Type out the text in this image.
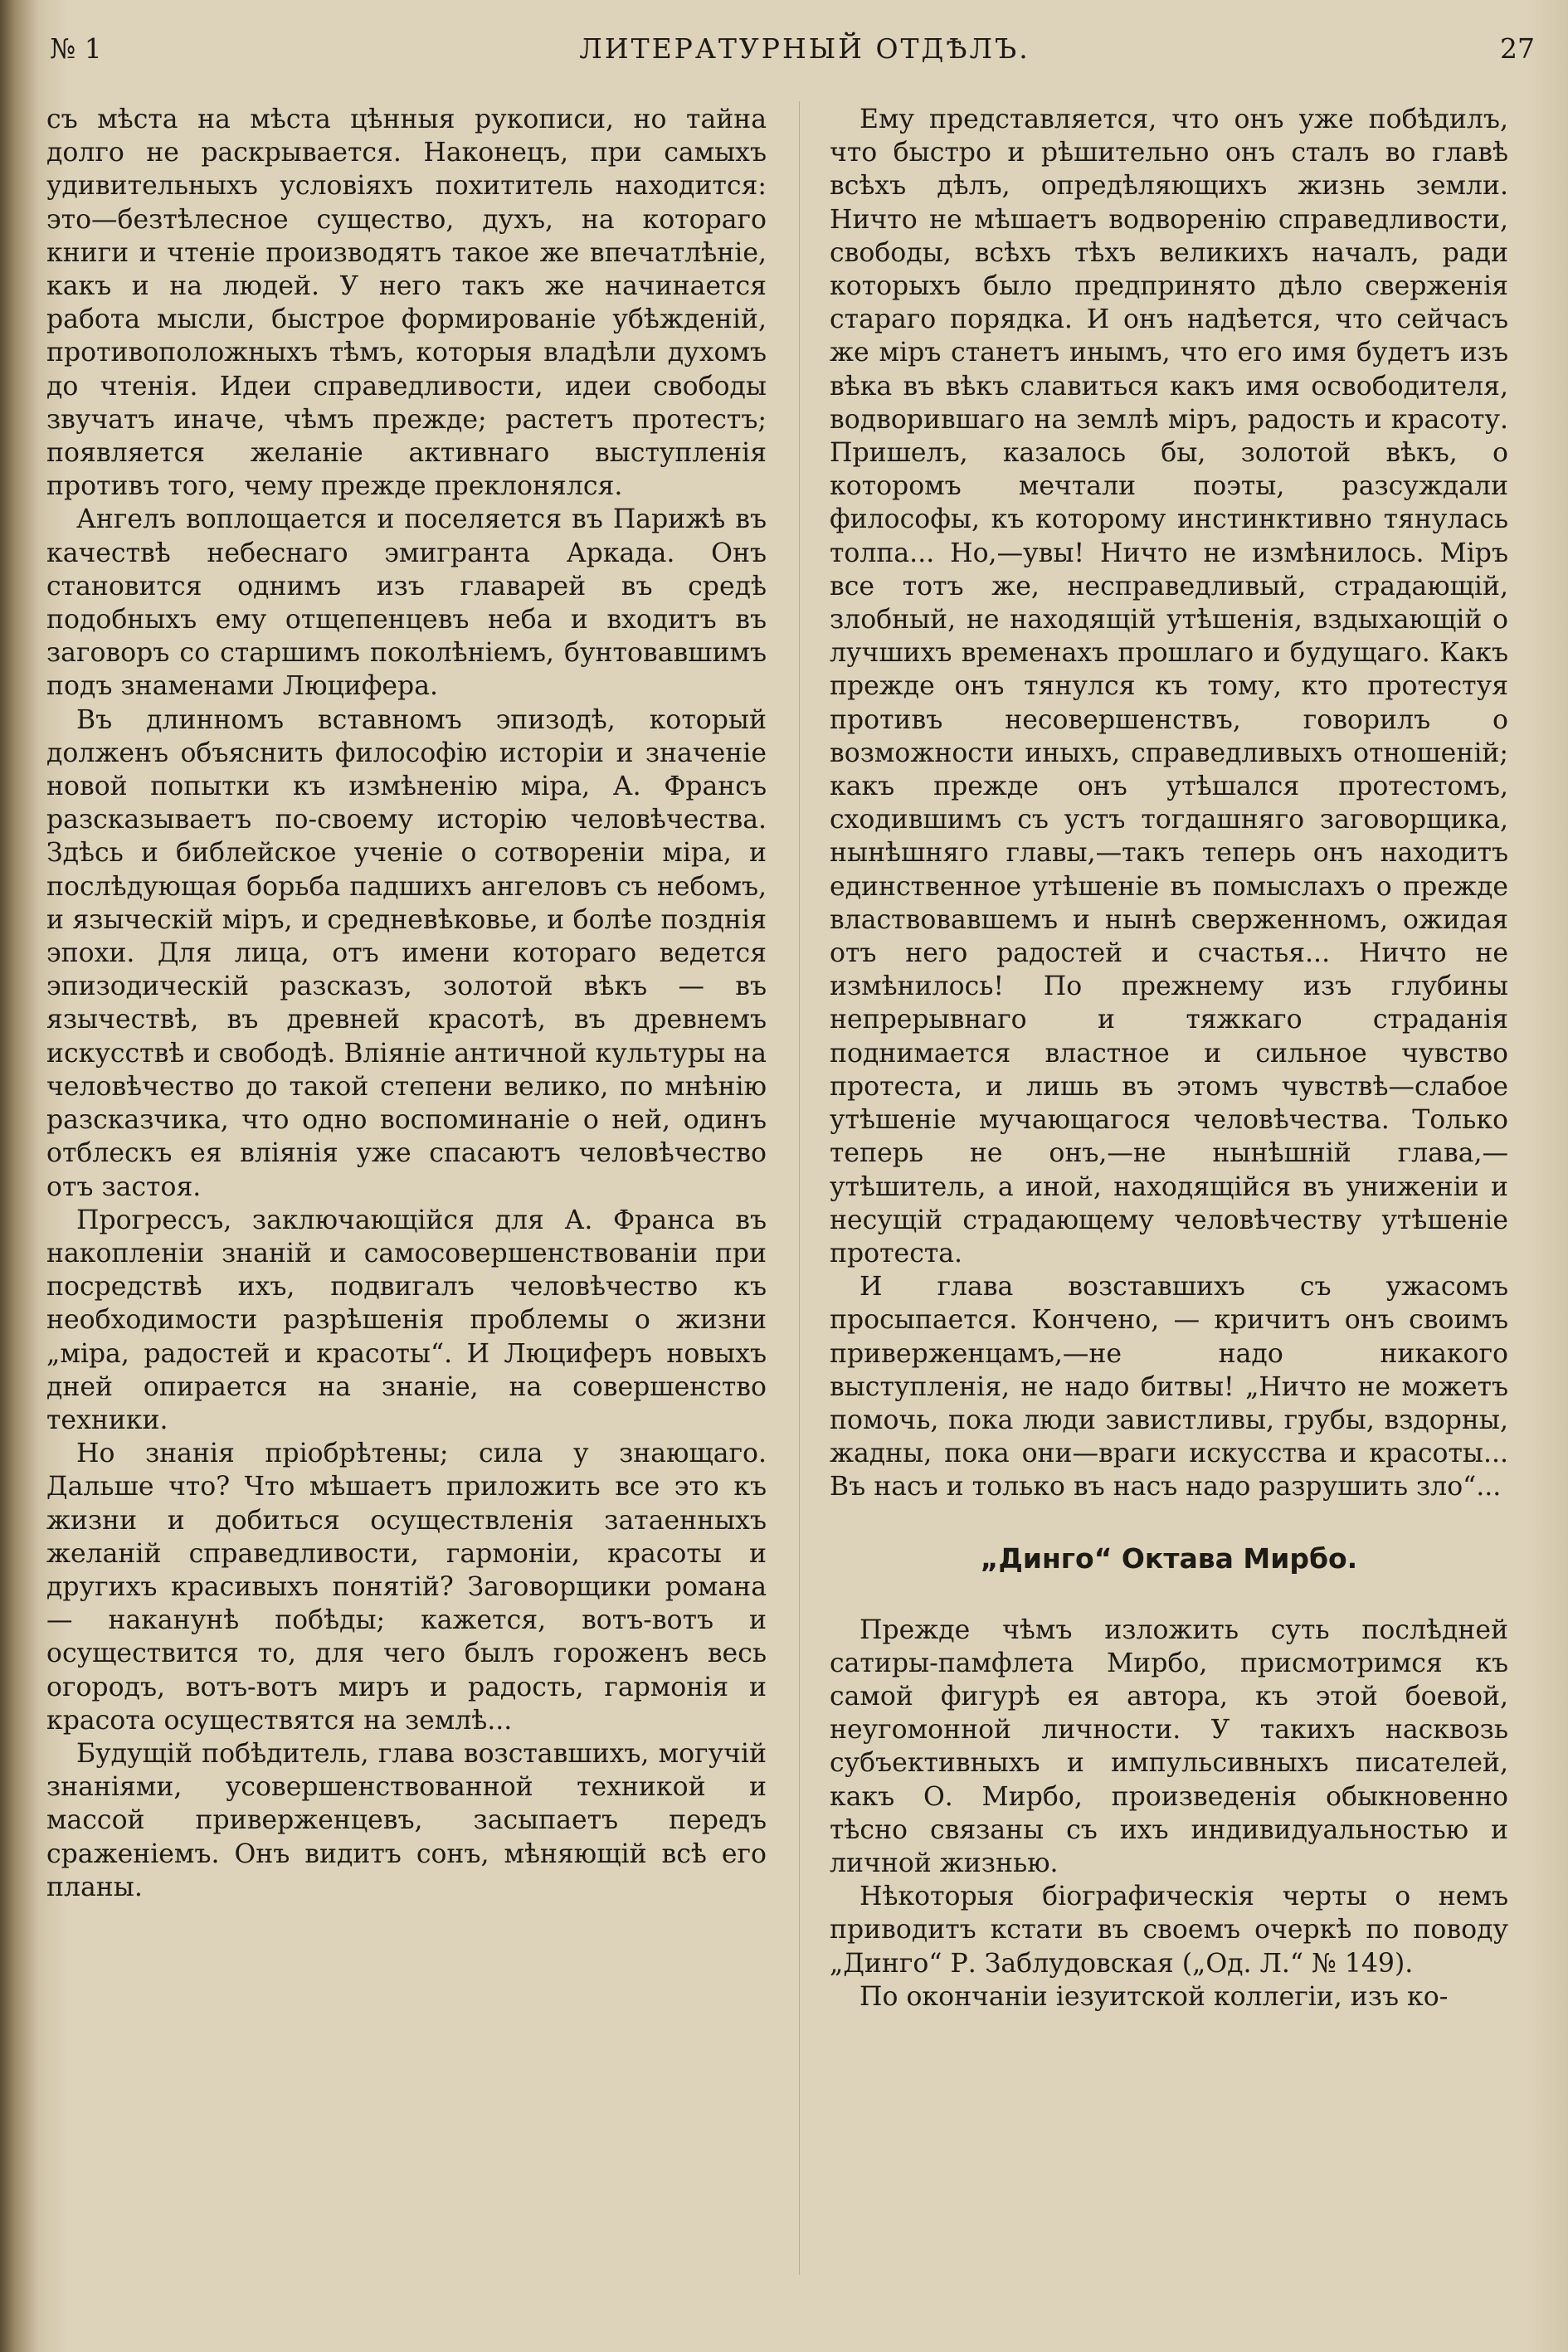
№ 1	ЛИТЕРАТУРНЫЙ ОТДѢЛЪ.	27

съ мѣста на мѣста цѣнныя рукописи, но тайна долго не раскрывается. Наконецъ, при самыхъ удивительныхъ условіяхъ похититель находится: это—безтѣлесное существо, духъ, на котораго книги и чтеніе производятъ такое же впечатлѣніе, какъ и на людей. У него такъ же начинается работа мысли, быстрое формированіе убѣжденій, противоположныхъ тѣмъ, которыя владѣли духомъ до чтенія. Идеи справедливости, идеи свободы звучатъ иначе, чѣмъ прежде; растетъ протестъ; появляется желаніе активнаго выступленія противъ того, чему прежде преклонялся.

Ангелъ воплощается и поселяется въ Парижѣ въ качествѣ небеснаго эмигранта Аркада. Онъ становится однимъ изъ главарей въ средѣ подобныхъ ему отщепенцевъ неба и входитъ въ заговоръ со старшимъ поколѣніемъ, бунтовавшимъ подъ знаменами Люцифера.

Въ длинномъ вставномъ эпизодѣ, который долженъ объяснить философію исторіи и значеніе новой попытки къ измѣненію міра, А. Франсъ разсказываетъ по-своему исторію человѣчества. Здѣсь и библейское ученіе о сотвореніи міра, и послѣдующая борьба падшихъ ангеловъ съ небомъ, и языческій міръ, и средневѣковье, и болѣе позднія эпохи. Для лица, отъ имени котораго ведется эпизодическій разсказъ, золотой вѣкъ — въ язычествѣ, въ древней красотѣ, въ древнемъ искусствѣ и свободѣ. Вліяніе античной культуры на человѣчество до такой степени велико, по мнѣнію разсказчика, что одно воспоминаніе о ней, одинъ отблескъ ея вліянія уже спасаютъ человѣчество отъ застоя.

Прогрессъ, заключающійся для А. Франса въ накопленіи знаній и самосовершенствованіи при посредствѣ ихъ, подвигалъ человѣчество къ необходимости разрѣшенія проблемы о жизни „міра, радостей и красоты“. И Люциферъ новыхъ дней опирается на знаніе, на совершенство техники.

Но знанія пріобрѣтены; сила у знающаго. Дальше что? Что мѣшаетъ приложить все это къ жизни и добиться осуществленія затаенныхъ желаній справедливости, гармоніи, красоты и другихъ красивыхъ понятій? Заговорщики романа — наканунѣ побѣды; кажется, вотъ-вотъ и осуществится то, для чего былъ гороженъ весь огородъ, вотъ-вотъ миръ и радость, гармонія и красота осуществятся на землѣ...

Будущій побѣдитель, глава возставшихъ, могучій знаніями, усовершенствованной техникой и массой приверженцевъ, засыпаетъ передъ сраженіемъ. Онъ видитъ сонъ, мѣняющій всѣ его планы.

Ему представляется, что онъ уже побѣдилъ, что быстро и рѣшительно онъ сталъ во главѣ всѣхъ дѣлъ, опредѣляющихъ жизнь земли. Ничто не мѣшаетъ водворенію справедливости, свободы, всѣхъ тѣхъ великихъ началъ, ради которыхъ было предпринято дѣло сверженія стараго порядка. И онъ надѣется, что сейчасъ же міръ станетъ инымъ, что его имя будетъ изъ вѣка въ вѣкъ славиться какъ имя освободителя, водворившаго на землѣ міръ, радость и красоту. Пришелъ, казалось бы, золотой вѣкъ, о которомъ мечтали поэты, разсуждали философы, къ которому инстинктивно тянулась толпа... Но,—увы! Ничто не измѣнилось. Міръ все тотъ же, несправедливый, страдающій, злобный, не находящій утѣшенія, вздыхающій о лучшихъ временахъ прошлаго и будущаго. Какъ прежде онъ тянулся къ тому, кто протестуя противъ несовершенствъ, говорилъ о возможности иныхъ, справедливыхъ отношеній; какъ прежде онъ утѣшался протестомъ, сходившимъ съ устъ тогдашняго заговорщика, нынѣшняго главы,—такъ теперь онъ находитъ единственное утѣшеніе въ помыслахъ о прежде властвовавшемъ и нынѣ сверженномъ, ожидая отъ него радостей и счастья... Ничто не измѣнилось! По прежнему изъ глубины непрерывнаго и тяжкаго страданія поднимается властное и сильное чувство протеста, и лишь въ этомъ чувствѣ—слабое утѣшеніе мучающагося человѣчества. Только теперь не онъ,—не нынѣшній глава,—утѣшитель, а иной, находящійся въ униженіи и несущій страдающему человѣчеству утѣшеніе протеста.

И глава возставшихъ съ ужасомъ просыпается. Кончено, — кричитъ онъ своимъ приверженцамъ,—не надо никакого выступленія, не надо битвы! „Ничто не можетъ помочь, пока люди завистливы, грубы, вздорны, жадны, пока они—враги искусства и красоты... Въ насъ и только въ насъ надо разрушить зло“...

„Динго“ Октава Мирбо.

Прежде чѣмъ изложить суть послѣдней сатиры-памфлета Мирбо, присмотримся къ самой фигурѣ ея автора, къ этой боевой, неугомонной личности. У такихъ насквозь субъективныхъ и импульсивныхъ писателей, какъ О. Мирбо, произведенія обыкновенно тѣсно связаны съ ихъ индивидуальностью и личной жизнью.

Нѣкоторыя біографическія черты о немъ приводитъ кстати въ своемъ очеркѣ по поводу „Динго“ Р. Заблудовская („Од. Л.“ № 149).

По окончаніи іезуитской коллегіи, изъ ко-
